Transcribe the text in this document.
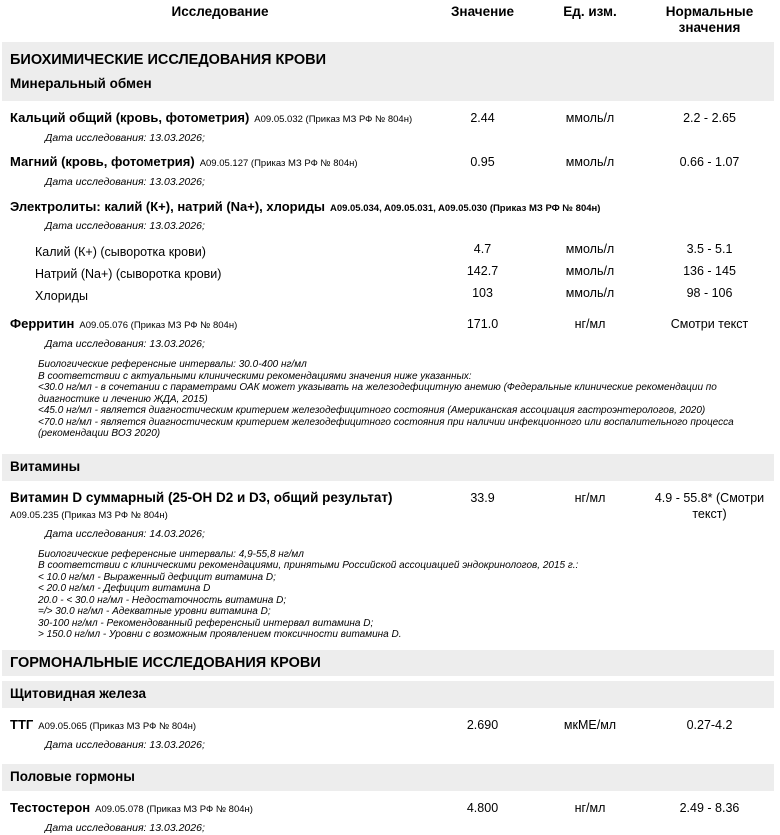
Исследование	Значение	Ед. изм.	Нормальные значения
БИОХИМИЧЕСКИЕ ИССЛЕДОВАНИЯ КРОВИ
Минеральный обмен
Кальций общий (кровь, фотометрия) A09.05.032 (Приказ МЗ РФ № 804н)	2.44	ммоль/л	2.2 - 2.65
Дата исследования: 13.03.2026;
Магний (кровь, фотометрия) A09.05.127 (Приказ МЗ РФ № 804н)	0.95	ммоль/л	0.66 - 1.07
Дата исследования: 13.03.2026;
Электролиты: калий (К+), натрий (Na+), хлориды A09.05.034, A09.05.031, A09.05.030 (Приказ МЗ РФ № 804н)
Дата исследования: 13.03.2026;
Калий (К+) (сыворотка крови)	4.7	ммоль/л	3.5 - 5.1
Натрий (Na+) (сыворотка крови)	142.7	ммоль/л	136 - 145
Хлориды	103	ммоль/л	98 - 106
Ферритин A09.05.076 (Приказ МЗ РФ № 804н)	171.0	нг/мл	Смотри текст
Дата исследования: 13.03.2026;
Биологические референсные интервалы: 30.0-400 нг/мл
В соответствии с актуальными клиническими рекомендациями значения ниже указанных:
<30.0 нг/мл - в сочетании с параметрами ОАК может указывать на железодефицитную анемию (Федеральные клинические рекомендации по диагностике и лечению ЖДА, 2015)
<45.0 нг/мл - является диагностическим критерием железодефицитного состояния (Американская ассоциация гастроэнтерологов, 2020)
<70.0 нг/мл - является диагностическим критерием железодефицитного состояния при наличии инфекционного или воспалительного процесса (рекомендации ВОЗ 2020)
Витамины
Витамин D суммарный (25-OH D2 и D3, общий результат)
A09.05.235 (Приказ МЗ РФ № 804н)
33.9	нг/мл	4.9 - 55.8* (Смотри текст)
Дата исследования: 14.03.2026;
Биологические референсные интервалы: 4,9-55,8 нг/мл
В соответствии с клиническими рекомендациями, принятыми Российской ассоциацией эндокринологов, 2015 г.:
< 10.0 нг/мл - Выраженный дефицит витамина D;
< 20.0 нг/мл - Дефицит витамина D
20.0 - < 30.0 нг/мл - Недостаточность витамина D;
=/> 30.0 нг/мл - Адекватные уровни витамина D;
30-100 нг/мл - Рекомендованный референсный интервал витамина D;
> 150.0 нг/мл - Уровни с возможным проявлением токсичности витамина D.
ГОРМОНАЛЬНЫЕ ИССЛЕДОВАНИЯ КРОВИ
Щитовидная железа
ТТГ A09.05.065 (Приказ МЗ РФ № 804н)	2.690	мкМЕ/мл	0.27-4.2
Дата исследования: 13.03.2026;
Половые гормоны
Тестостерон A09.05.078 (Приказ МЗ РФ № 804н)	4.800	нг/мл	2.49 - 8.36
Дата исследования: 13.03.2026;
